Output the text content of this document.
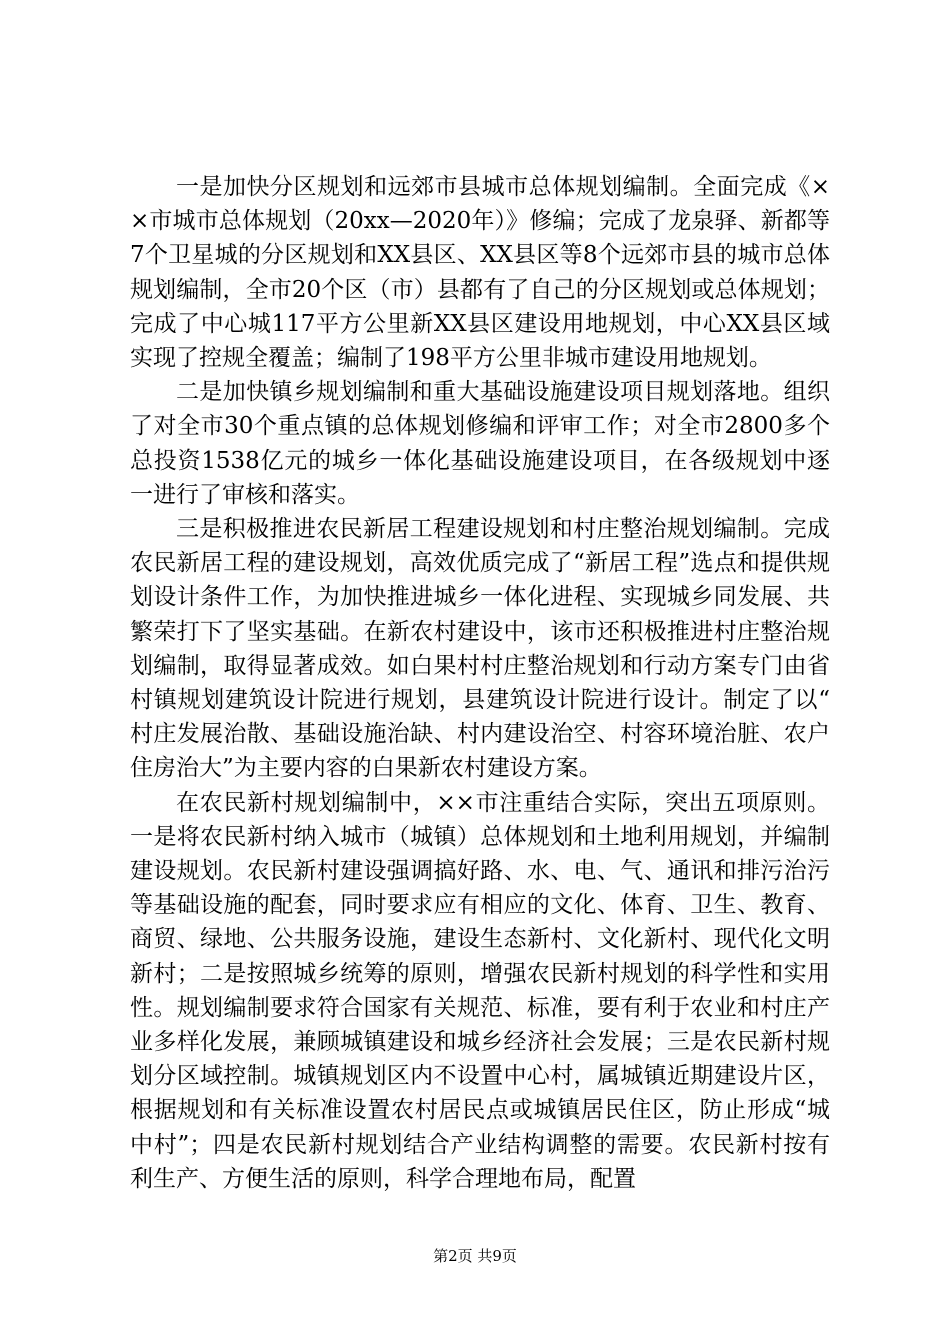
一是加快分区规划和远郊市县城市总体规划编制。全面完成《××市城市总体规划（20xx—2020年）》修编；完成了龙泉驿、新都等7个卫星城的分区规划和XX县区、XX县区等8个远郊市县的城市总体规划编制，全市20个区（市）县都有了自己的分区规划或总体规划；完成了中心城117平方公里新XX县区建设用地规划，中心XX县区域实现了控规全覆盖；编制了198平方公里非城市建设用地规划。

二是加快镇乡规划编制和重大基础设施建设项目规划落地。组织了对全市30个重点镇的总体规划修编和评审工作；对全市2800多个总投资1538亿元的城乡一体化基础设施建设项目，在各级规划中逐一进行了审核和落实。

三是积极推进农民新居工程建设规划和村庄整治规划编制。完成农民新居工程的建设规划，高效优质完成了“新居工程”选点和提供规划设计条件工作，为加快推进城乡一体化进程、实现城乡同发展、共繁荣打下了坚实基础。在新农村建设中，该市还积极推进村庄整治规划编制，取得显著成效。如白果村村庄整治规划和行动方案专门由省村镇规划建筑设计院进行规划，县建筑设计院进行设计。制定了以“村庄发展治散、基础设施治缺、村内建设治空、村容环境治脏、农户住房治大”为主要内容的白果新农村建设方案。

在农民新村规划编制中，××市注重结合实际，突出五项原则。一是将农民新村纳入城市（城镇）总体规划和土地利用规划，并编制建设规划。农民新村建设强调搞好路、水、电、气、通讯和排污治污等基础设施的配套，同时要求应有相应的文化、体育、卫生、教育、商贸、绿地、公共服务设施，建设生态新村、文化新村、现代化文明新村；二是按照城乡统筹的原则，增强农民新村规划的科学性和实用性。规划编制要求符合国家有关规范、标准，要有利于农业和村庄产业多样化发展，兼顾城镇建设和城乡经济社会发展；三是农民新村规划分区域控制。城镇规划区内不设置中心村，属城镇近期建设片区，根据规划和有关标准设置农村居民点或城镇居民住区，防止形成“城中村”；四是农民新村规划结合产业结构调整的需要。农民新村按有利生产、方便生活的原则，科学合理地布局，配置

第2页 共9页
